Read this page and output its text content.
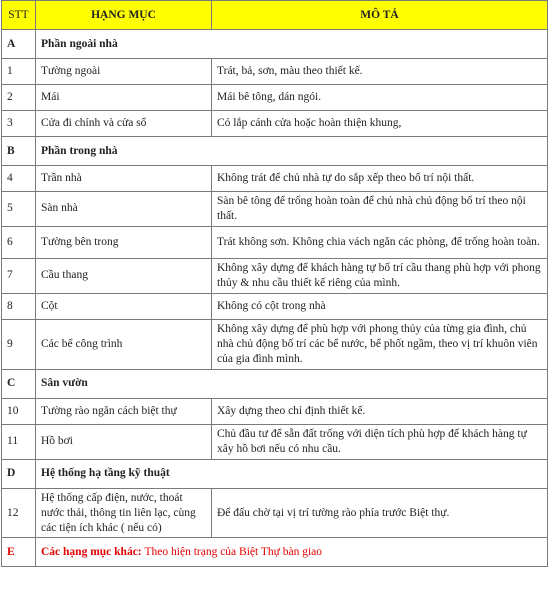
STT	HẠNG MỤC	MÔ TẢ
A	Phần ngoài nhà	
1	Tường ngoài	Trát, bả, sơn, màu theo thiết kế.
2	Mái	Mái bê tông, dán ngói.
3	Cửa đi chính và cửa sổ	Có lắp cánh cửa hoặc hoàn thiện khung,
B	Phần trong nhà	
4	Trần nhà	Không trát để chủ nhà tự do sắp xếp theo bố trí nội thất.
5	Sàn nhà	Sàn bê tông để trống hoàn toàn để chủ nhà chủ động bố trí theo nội thất.
6	Tường bên trong	Trát không sơn. Không chia vách ngăn các phòng, để trống hoàn toàn.
7	Cầu thang	Không xây dựng để khách hàng tự bố trí cầu thang phù hợp với phong thủy & nhu cầu thiết kế riêng của mình.
8	Cột	Không có cột trong nhà
9	Các bể công trình	Không xây dựng để phù hợp với phong thủy của từng gia đình, chủ nhà chủ động bố trí các bể nước, bể phốt ngầm, theo vị trí khuôn viên của gia đình mình.
C	Sân vườn	
10	Tường rào ngăn cách biệt thự	Xây dựng theo chỉ định thiết kế.
11	Hồ bơi	Chủ đầu tư để sẵn đất trống với diện tích phù hợp để khách hàng tự xây hồ bơi nếu có nhu cầu.
D	Hệ thống hạ tầng kỹ thuật	
12	Hệ thống cấp điện, nước, thoát nước thải, thông tin liên lạc, cùng các tiện ích khác ( nếu có)	Để đấu chờ tại vị trí tường rào phía trước Biệt thự.
E	Các hạng mục khác: Theo hiện trạng của Biệt Thự bàn giao	
